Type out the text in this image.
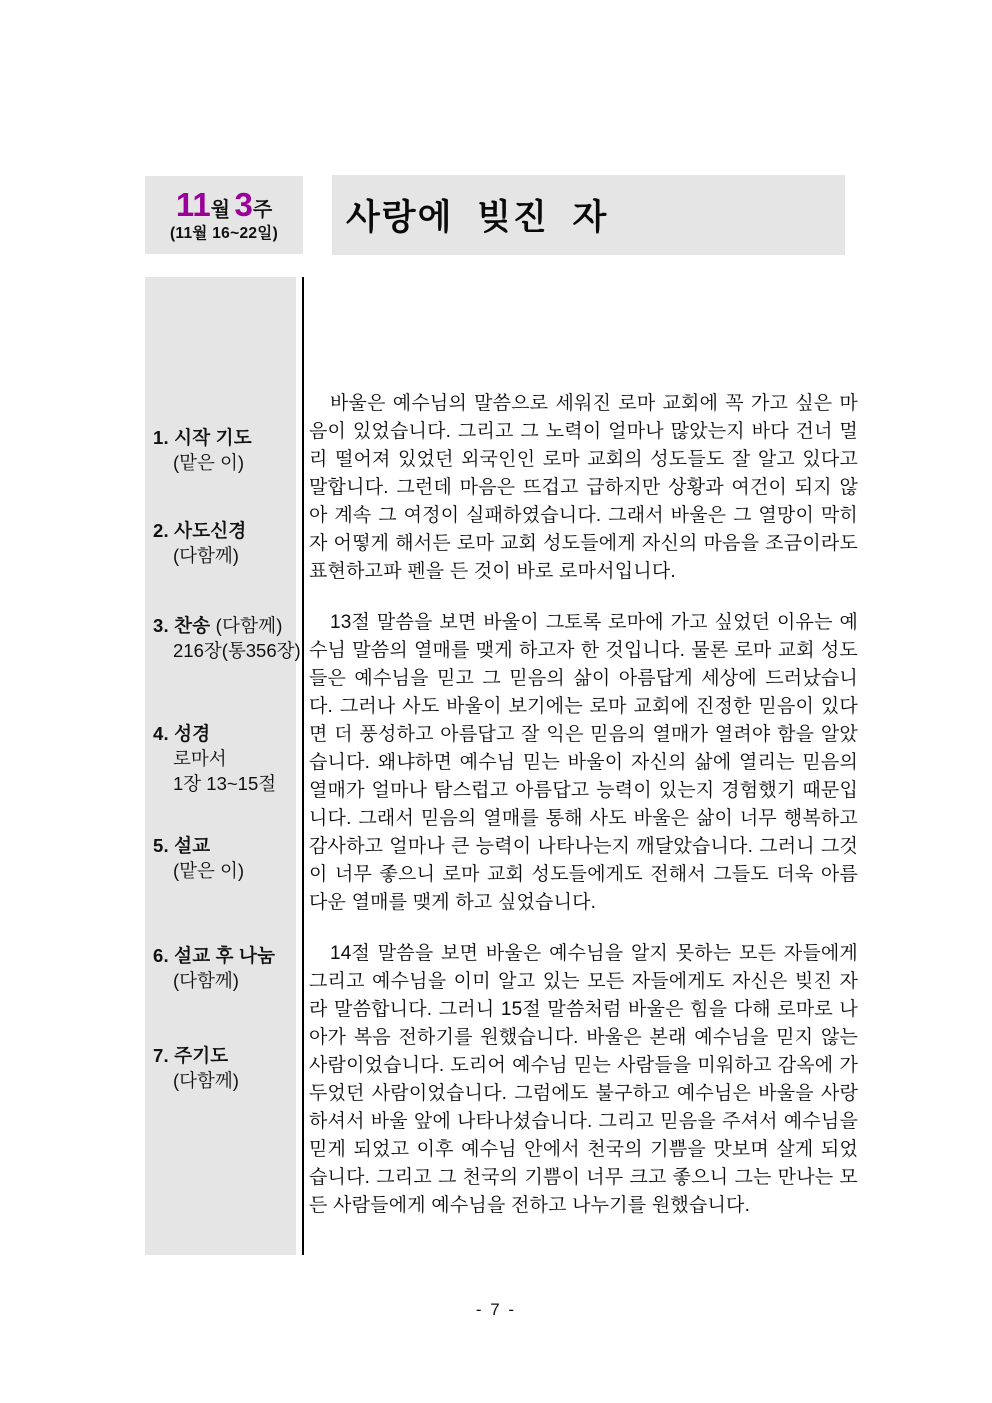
11월 3주
(11월 16~22일)	사랑에 빚진 자
1. 시작 기도
(맡은 이)
2. 사도신경
(다함께)
3. 찬송 (다함께)
216장(통356장)
4. 성경
로마서
1장 13~15절
5. 설교
(맡은 이)
6. 설교 후 나눔
(다함께)
7. 주기도
(다함께)

바울은 예수님의 말씀으로 세워진 로마 교회에 꼭 가고 싶은 마음이 있었습니다. 그리고 그 노력이 얼마나 많았는지 바다 건너 멀리 떨어져 있었던 외국인인 로마 교회의 성도들도 잘 알고 있다고 말합니다. 그런데 마음은 뜨겁고 급하지만 상황과 여건이 되지 않아 계속 그 여정이 실패하였습니다. 그래서 바울은 그 열망이 막히자 어떻게 해서든 로마 교회 성도들에게 자신의 마음을 조금이라도 표현하고파 펜을 든 것이 바로 로마서입니다.

13절 말씀을 보면 바울이 그토록 로마에 가고 싶었던 이유는 예수님 말씀의 열매를 맺게 하고자 한 것입니다. 물론 로마 교회 성도들은 예수님을 믿고 그 믿음의 삶이 아름답게 세상에 드러났습니다. 그러나 사도 바울이 보기에는 로마 교회에 진정한 믿음이 있다면 더 풍성하고 아름답고 잘 익은 믿음의 열매가 열려야 함을 알았습니다. 왜냐하면 예수님 믿는 바울이 자신의 삶에 열리는 믿음의 열매가 얼마나 탐스럽고 아름답고 능력이 있는지 경험했기 때문입니다. 그래서 믿음의 열매를 통해 사도 바울은 삶이 너무 행복하고 감사하고 얼마나 큰 능력이 나타나는지 깨달았습니다. 그러니 그것이 너무 좋으니 로마 교회 성도들에게도 전해서 그들도 더욱 아름다운 열매를 맺게 하고 싶었습니다.

14절 말씀을 보면 바울은 예수님을 알지 못하는 모든 자들에게 그리고 예수님을 이미 알고 있는 모든 자들에게도 자신은 빚진 자라 말씀합니다. 그러니 15절 말씀처럼 바울은 힘을 다해 로마로 나아가 복음 전하기를 원했습니다. 바울은 본래 예수님을 믿지 않는 사람이었습니다. 도리어 예수님 믿는 사람들을 미워하고 감옥에 가두었던 사람이었습니다. 그럼에도 불구하고 예수님은 바울을 사랑하셔서 바울 앞에 나타나셨습니다. 그리고 믿음을 주셔서 예수님을 믿게 되었고 이후 예수님 안에서 천국의 기쁨을 맛보며 살게 되었습니다. 그리고 그 천국의 기쁨이 너무 크고 좋으니 그는 만나는 모든 사람들에게 예수님을 전하고 나누기를 원했습니다.

- 7 -
